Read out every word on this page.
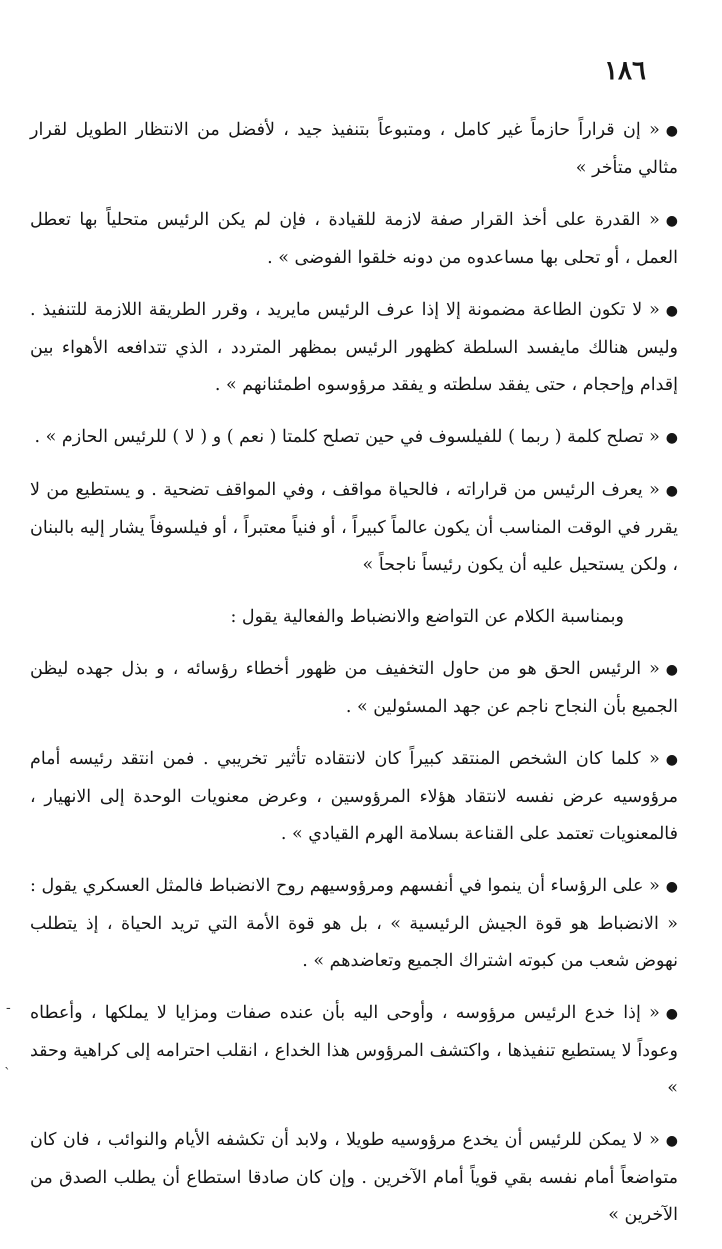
١٨٦

●« إن قراراً حازماً غير كامل ، ومتبوعاً بتنفيذ جيد ، لأفضل من الانتظار الطويل لقرار مثالي متأخر »

●« القدرة على أخذ القرار صفة لازمة للقيادة ، فإن لم يكن الرئيس متحلياً بها تعطل العمل ، أو تحلى بها مساعدوه من دونه خلقوا الفوضى » .

●« لا تكون الطاعة مضمونة إلا إذا عرف الرئيس مايريد ، وقرر الطريقة اللازمة للتنفيذ . وليس هنالك مايفسد السلطة كظهور الرئيس بمظهر المتردد ، الذي تتدافعه الأهواء بين إقدام وإحجام ، حتى يفقد سلطته و يفقد مرؤوسوه اطمئنانهم » .

●« تصلح كلمة ( ربما ) للفيلسوف في حين تصلح كلمتا ( نعم ) و ( لا ) للرئيس الحازم » .

●« يعرف الرئيس من قراراته ، فالحياة مواقف ، وفي المواقف تضحية . و يستطيع من لا يقرر في الوقت المناسب أن يكون عالماً كبيراً ، أو فنياً معتبراً ، أو فيلسوفاً يشار إليه بالبنان ، ولكن يستحيل عليه أن يكون رئيساً ناجحاً »

وبمناسبة الكلام عن التواضع والانضباط والفعالية يقول :

●« الرئيس الحق هو من حاول التخفيف من ظهور أخطاء رؤسائه ، و بذل جهده ليظن الجميع بأن النجاح ناجم عن جهد المسئولين » .

●« كلما كان الشخص المنتقد كبيراً كان لانتقاده تأثير تخريبي . فمن انتقد رئيسه أمام مرؤوسيه عرض نفسه لانتقاد هؤلاء المرؤوسين ، وعرض معنويات الوحدة إلى الانهيار ، فالمعنويات تعتمد على القناعة بسلامة الهرم القيادي » .

●« على الرؤساء أن ينموا في أنفسهم ومرؤوسيهم روح الانضباط فالمثل العسكري يقول : « الانضباط هو قوة الجيش الرئيسية » ، بل هو قوة الأمة التي تريد الحياة ، إذ يتطلب نهوض شعب من كبوته اشتراك الجميع وتعاضدهم » .

●« إذا خدع الرئيس مرؤوسه ، وأوحى اليه بأن عنده صفات ومزايا لا يملكها ، وأعطاه وعوداً لا يستطيع تنفيذها ، واكتشف المرؤوس هذا الخداع ، انقلب احترامه إلى كراهية وحقد »

●« لا يمكن للرئيس أن يخدع مرؤوسيه طويلا ، ولابد أن تكشفه الأيام والنوائب ، فان كان متواضعاً أمام نفسه بقي قوياً أمام الآخرين . وإن كان صادقا استطاع أن يطلب الصدق من الآخرين »

-
`
